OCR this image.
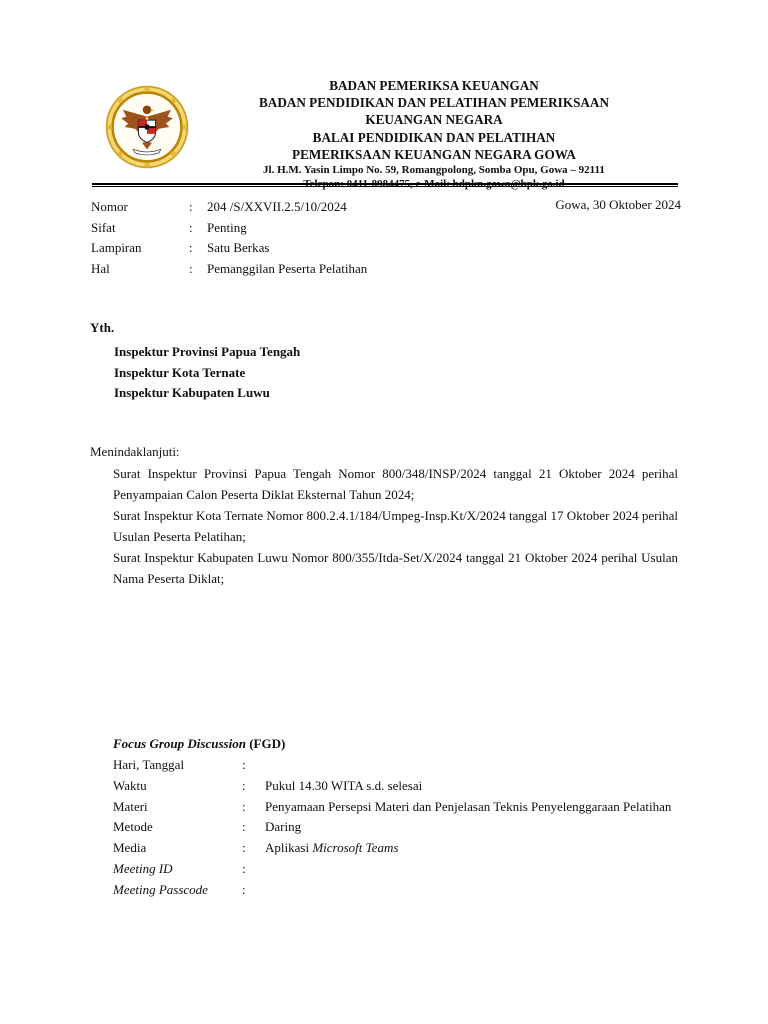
BADAN PEMERIKSA KEUANGAN
BADAN PENDIDIKAN DAN PELATIHAN PEMERIKSAAN
KEUANGAN NEGARA
BALAI PENDIDIKAN DAN PELATIHAN
PEMERIKSAAN KEUANGAN NEGARA GOWA
Jl. H.M. Yasin Limpo No. 59, Romangpolong, Somba Opu, Gowa – 92111
Gowa, 30 Oktober 2024
Nomor	: 204 /S/XXVII.2.5/10/2024
Sifat	: Penting
Lampiran	: Satu Berkas
Hal	: Pemanggilan Peserta Pelatihan
Yth.
Inspektur Provinsi Papua Tengah
Inspektur Kota Ternate
Inspektur Kabupaten Luwu
Menindaklanjuti:

Surat Inspektur Provinsi Papua Tengah Nomor 800/348/INSP/2024 tanggal 21 Oktober 2024 perihal Penyampaian Calon Peserta Diklat Eksternal Tahun 2024;

Surat Inspektur Kota Ternate Nomor 800.2.4.1/184/Umpeg-Insp.Kt/X/2024 tanggal 17 Oktober 2024 perihal Usulan Peserta Pelatihan;

Surat Inspektur Kabupaten Luwu Nomor 800/355/Itda-Set/X/2024 tanggal 21 Oktober 2024 perihal Usulan Nama Peserta Diklat;

Focus Group Discussion (FGD)
Hari, Tanggal	:
Waktu	: Pukul 14.30 WITA s.d. selesai
Materi	: Penyamaan Persepsi Materi dan Penjelasan Teknis Penyelenggaraan Pelatihan
Metode	: Daring
Media	: Aplikasi Microsoft Teams
Meeting ID	:
Meeting Passcode	:
